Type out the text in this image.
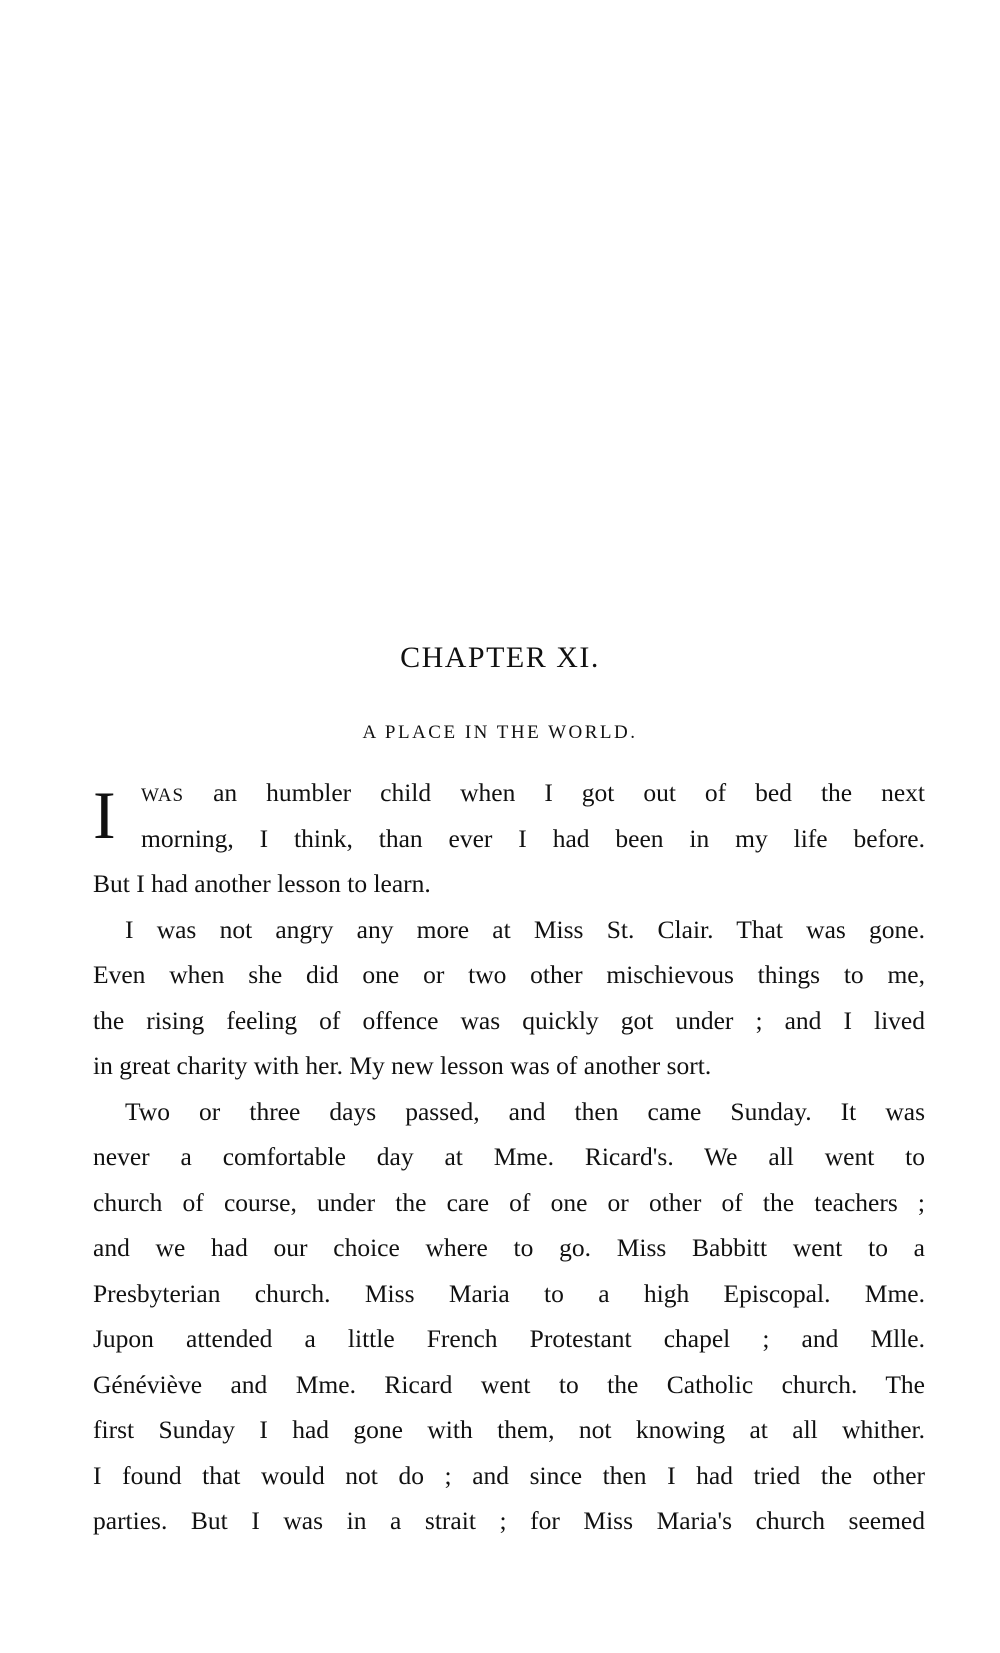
CHAPTER XI.
A PLACE IN THE WORLD.
I	WAS an humbler child when I got out of bed the next
morning, I think, than ever I had been in my life before.
But I had another lesson to learn.
I was not angry any more at Miss St. Clair. That was gone.
Even when she did one or two other mischievous things to me,
the rising feeling of offence was quickly got under ; and I lived
in great charity with her. My new lesson was of another sort.
Two or three days passed, and then came Sunday. It was
never a comfortable day at Mme. Ricard's. We all went to
church of course, under the care of one or other of the teachers ;
and we had our choice where to go. Miss Babbitt went to a
Presbyterian church. Miss Maria to a high Episcopal. Mme.
Jupon attended a little French Protestant chapel ; and Mlle.
Généviève and Mme. Ricard went to the Catholic church. The
first Sunday I had gone with them, not knowing at all whither.
I found that would not do ; and since then I had tried the other
parties. But I was in a strait ; for Miss Maria's church seemed
